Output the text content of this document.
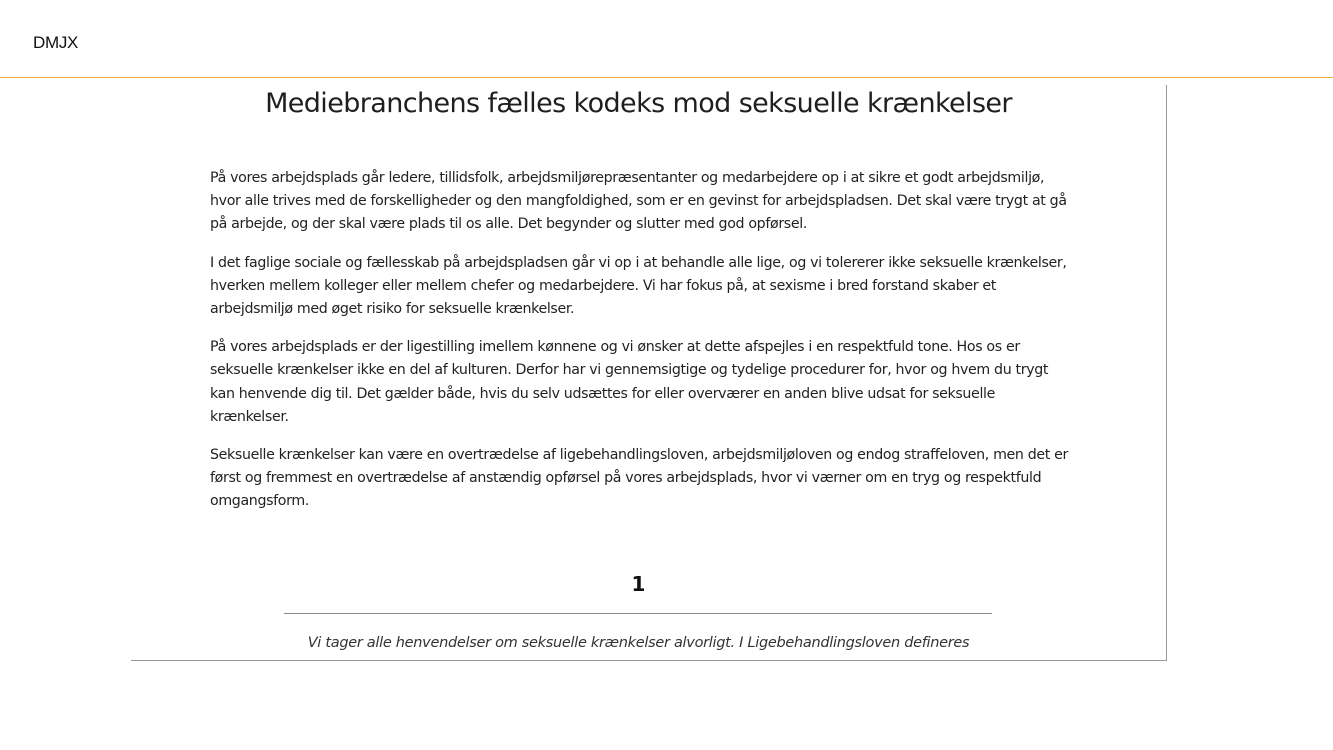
DMJX
Mediebranchens fælles kodeks mod seksuelle krænkelser

På vores arbejdsplads går ledere, tillidsfolk, arbejdsmiljørepræsentanter og medarbejdere op i at sikre et godt arbejdsmiljø, hvor alle trives med de forskelligheder og den mangfoldighed, som er en gevinst for arbejdspladsen. Det skal være trygt at gå på arbejde, og der skal være plads til os alle. Det begynder og slutter med god opførsel.

I det faglige sociale og fællesskab på arbejdspladsen går vi op i at behandle alle lige, og vi tolererer ikke seksuelle krænkelser, hverken mellem kolleger eller mellem chefer og medarbejdere. Vi har fokus på, at sexisme i bred forstand skaber et arbejdsmiljø med øget risiko for seksuelle krænkelser.

På vores arbejdsplads er der ligestilling imellem kønnene og vi ønsker at dette afspejles i en respektfuld tone. Hos os er seksuelle krænkelser ikke en del af kulturen. Derfor har vi gennemsigtige og tydelige procedurer for, hvor og hvem du trygt kan henvende dig til. Det gælder både, hvis du selv udsættes for eller overværer en anden blive udsat for seksuelle krænkelser.

Seksuelle krænkelser kan være en overtrædelse af ligebehandlingsloven, arbejdsmiljøloven og endog straffeloven, men det er først og fremmest en overtrædelse af anstændig opførsel på vores arbejdsplads, hvor vi værner om en tryg og respektfuld omgangsform.

1
Vi tager alle henvendelser om seksuelle krænkelser alvorligt. I Ligebehandlingsloven defineres
